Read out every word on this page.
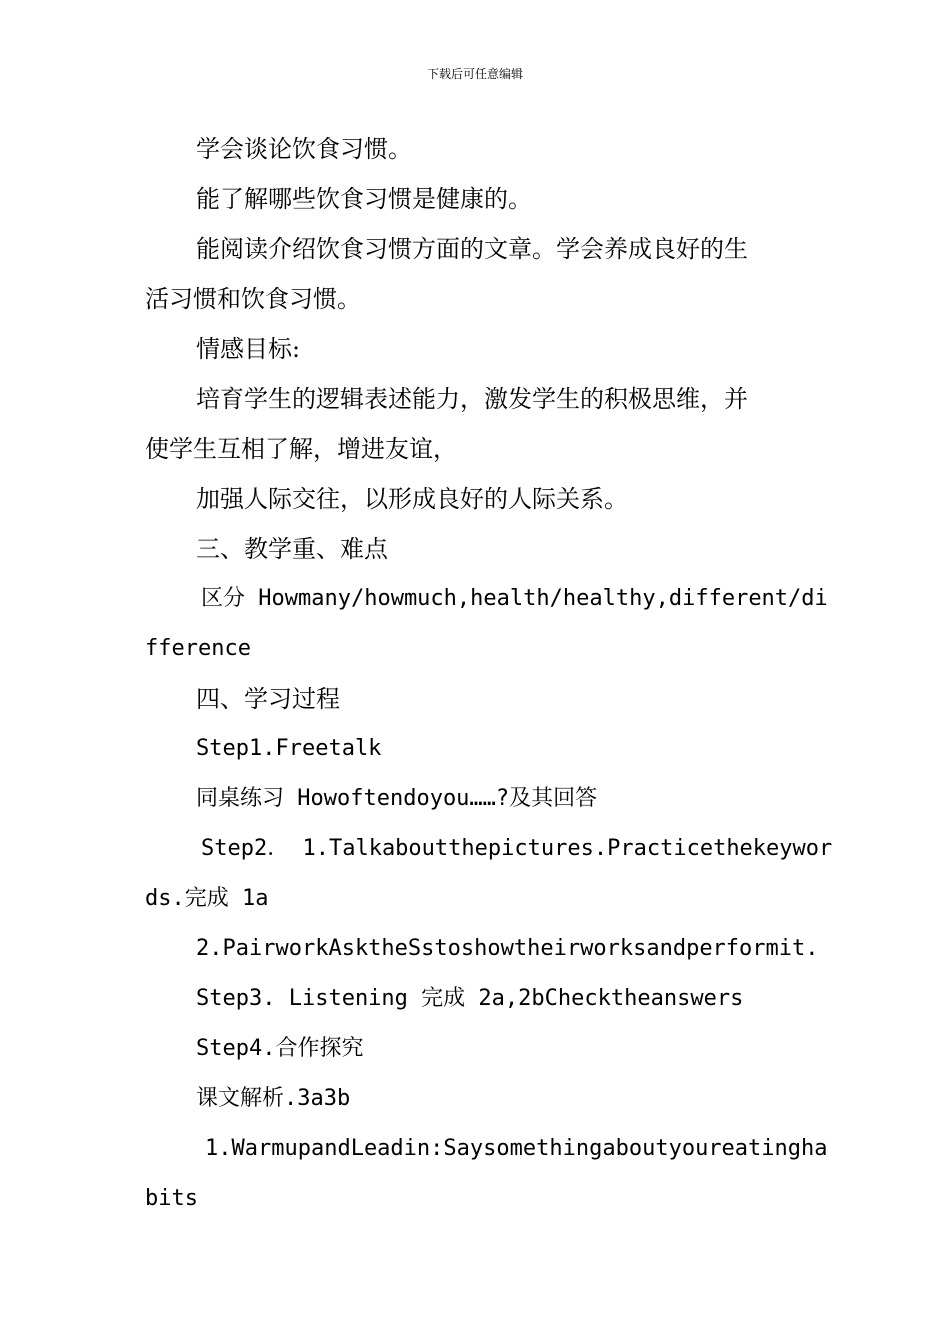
下载后可任意编辑
学会谈论饮食习惯。
能了解哪些饮食习惯是健康的。
能阅读介绍饮食习惯方面的文章。学会养成良好的生
活习惯和饮食习惯。
情感目标:
培育学生的逻辑表述能力，激发学生的积极思维，并
使学生互相了解，增进友谊，
加强人际交往，以形成良好的人际关系。
三、教学重、难点
区分 Howmany/howmuch,health/healthy,different/di
fference
四、学习过程
Step1.Freetalk
同桌练习 Howoftendoyou……?及其回答
Step2． 1.Talkaboutthepictures.Practicethekeywor
ds.完成 1a
2.PairworkAsktheSstoshowtheirworksandperformit.
Step3. Listening 完成 2a,2bChecktheanswers
Step4.合作探究
课文解析.3a3b
1.WarmupandLeadin:Saysomethingaboutyoureatingha
bits
